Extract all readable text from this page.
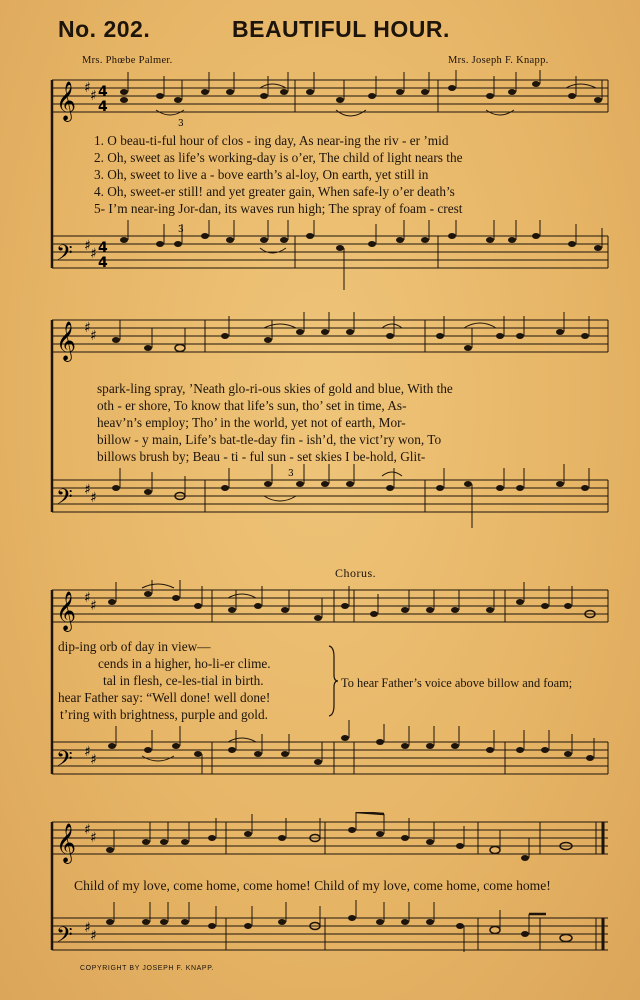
No. 202.	BEAUTIFUL HOUR.
Mrs. Phœbe Palmer.	Mrs. Joseph F. Knapp.
𝄞
𝄢
♯ ♯
♯ ♯
4
4
4
4
3
3
1. O beau-ti-ful hour of clos - ing day, As near-ing the riv - er ’mid
2. Oh, sweet as life’s working-day is o’er, The child of light nears the
3. Oh, sweet to live a - bove earth’s al-loy, On earth, yet still in
4. Oh, sweet-er still! and yet greater gain, When safe-ly o’er death’s
5- I’m near-ing Jor-dan, its waves run high; The spray of foam - crest
𝄞
𝄢
♯ ♯
♯ ♯
3
spark-ling spray, ’Neath glo-ri-ous skies of gold and blue, With the
oth - er shore, To know that life’s sun, tho’ set in time, As-
heav’n’s employ; Tho’ in the world, yet not of earth, Mor-
billow - y main, Life’s bat-tle-day fin - ish’d, the vict’ry won, To
billows brush by; Beau - ti - ful sun - set skies I be-hold, Glit-
Chorus.
𝄞
𝄢
♯ ♯
♯ ♯
dip-ing orb of day in view—
cends in a higher, ho-li-er clime.
tal in flesh, ce-les-tial in birth.
hear Father say: “Well done! well done!
t’ring with brightness, purple and gold.
To hear Father’s voice above billow and foam;
𝄞
𝄢
♯ ♯
♯ ♯
Child of my love, come home, come home! Child of my love, come home, come home!
COPYRIGHT BY JOSEPH F. KNAPP.
